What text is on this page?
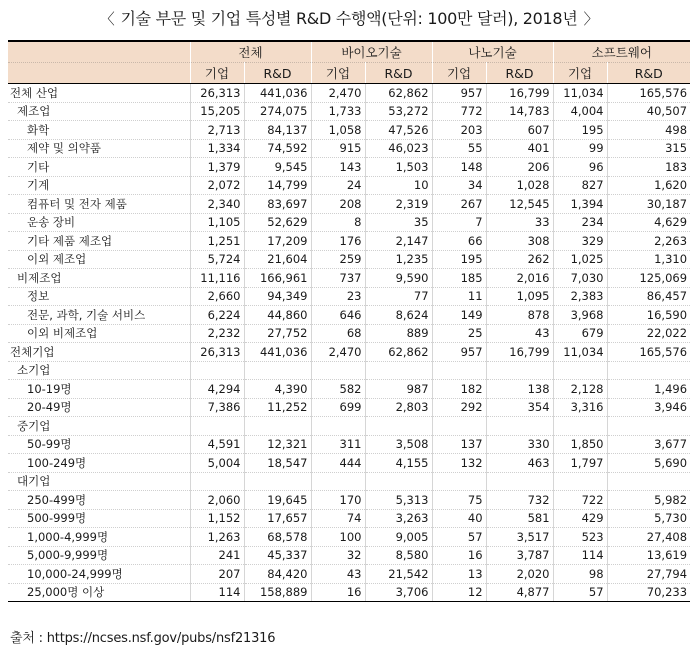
〈 기술 부문 및 기업 특성별 R&D 수행액(단위: 100만 달러), 2018년 〉
	전체		바이오기술		나노기술		소프트웨어	
	기업	R&D	기업	R&D	기업	R&D	기업	R&D
전체 산업	26,313	441,036	2,470	62,862	957	16,799	11,034	165,576
제조업	15,205	274,075	1,733	53,272	772	14,783	4,004	40,507
화학	2,713	84,137	1,058	47,526	203	607	195	498
제약 및 의약품	1,334	74,592	915	46,023	55	401	99	315
기타	1,379	9,545	143	1,503	148	206	96	183
기계	2,072	14,799	24	10	34	1,028	827	1,620
컴퓨터 및 전자 제품	2,340	83,697	208	2,319	267	12,545	1,394	30,187
운송 장비	1,105	52,629	8	35	7	33	234	4,629
기타 제품 제조업	1,251	17,209	176	2,147	66	308	329	2,263
이외 제조업	5,724	21,604	259	1,235	195	262	1,025	1,310
비제조업	11,116	166,961	737	9,590	185	2,016	7,030	125,069
정보	2,660	94,349	23	77	11	1,095	2,383	86,457
전문, 과학, 기술 서비스	6,224	44,860	646	8,624	149	878	3,968	16,590
이외 비제조업	2,232	27,752	68	889	25	43	679	22,022
전체기업	26,313	441,036	2,470	62,862	957	16,799	11,034	165,576
소기업								
10-19명	4,294	4,390	582	987	182	138	2,128	1,496
20-49명	7,386	11,252	699	2,803	292	354	3,316	3,946
중기업								
50-99명	4,591	12,321	311	3,508	137	330	1,850	3,677
100-249명	5,004	18,547	444	4,155	132	463	1,797	5,690
대기업								
250-499명	2,060	19,645	170	5,313	75	732	722	5,982
500-999명	1,152	17,657	74	3,263	40	581	429	5,730
1,000-4,999명	1,263	68,578	100	9,005	57	3,517	523	27,408
5,000-9,999명	241	45,337	32	8,580	16	3,787	114	13,619
10,000-24,999명	207	84,420	43	21,542	13	2,020	98	27,794
25,000명 이상	114	158,889	16	3,706	12	4,877	57	70,233
출처 : https://ncses.nsf.gov/pubs/nsf21316
